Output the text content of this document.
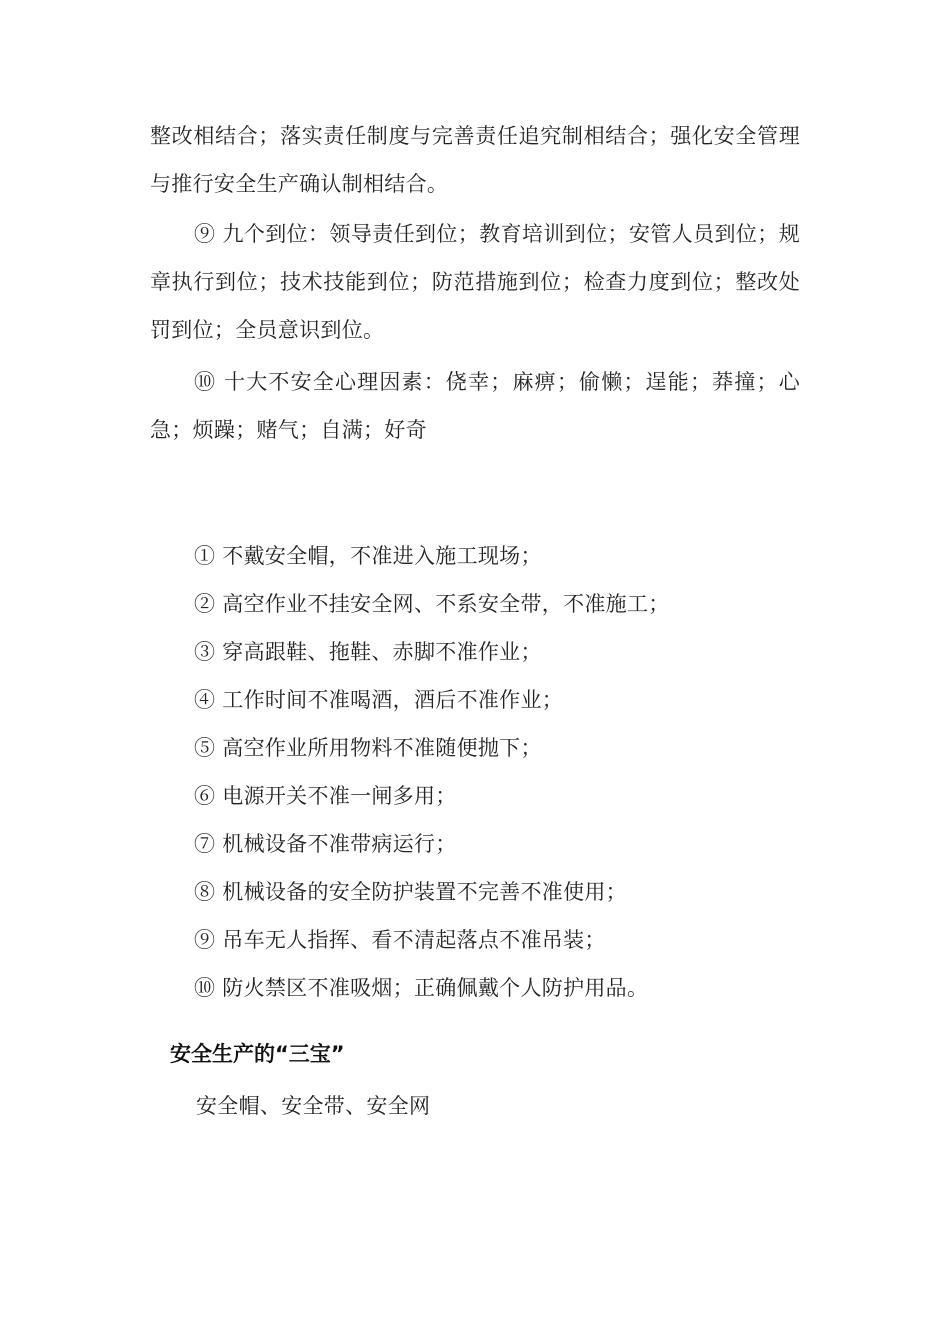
整改相结合；落实责任制度与完善责任追究制相结合；强化安全管理与推行安全生产确认制相结合。

⑨ 九个到位：领导责任到位；教育培训到位；安管人员到位；规章执行到位；技术技能到位；防范措施到位；检查力度到位；整改处罚到位；全员意识到位。

⑩ 十大不安全心理因素：侥幸；麻痹；偷懒；逞能；莽撞；心急；烦躁；赌气；自满；好奇

① 不戴安全帽，不准进入施工现场；
② 高空作业不挂安全网、不系安全带，不准施工；
③ 穿高跟鞋、拖鞋、赤脚不准作业；
④ 工作时间不准喝酒，酒后不准作业；
⑤ 高空作业所用物料不准随便抛下；
⑥ 电源开关不准一闸多用；
⑦ 机械设备不准带病运行；
⑧ 机械设备的安全防护装置不完善不准使用；
⑨ 吊车无人指挥、看不清起落点不准吊装；
⑩ 防火禁区不准吸烟；正确佩戴个人防护用品。
安全生产的“三宝”

安全帽、安全带、安全网
